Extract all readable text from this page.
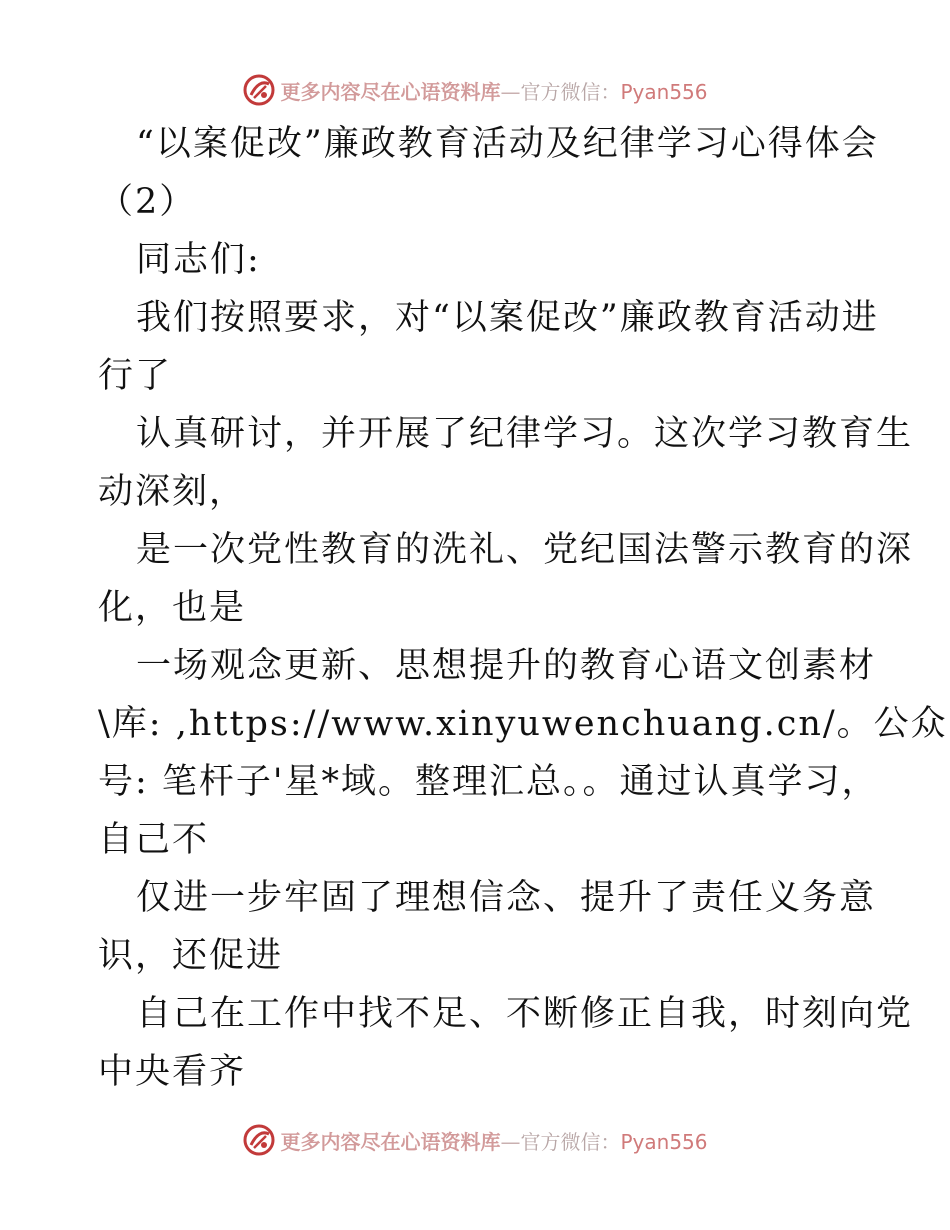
更多内容尽在心语资料库—官方微信：Pyan556
“以案促改”廉政教育活动及纪律学习心得体会
（2）
同志们:
我们按照要求，对“以案促改”廉政教育活动进
行了
认真研讨，并开展了纪律学习。这次学习教育生
动深刻，
是一次党性教育的洗礼、党纪国法警示教育的深
化，也是
一场观念更新、思想提升的教育心语文创素材
\库: ,https://www.xinyuwenchuang.cn/。公众
号: 笔杆子'星*域。整理汇总。。通过认真学习，
自己不
仅进一步牢固了理想信念、提升了责任义务意
识，还促进
自己在工作中找不足、不断修正自我，时刻向党
中央看齐
更多内容尽在心语资料库—官方微信：Pyan556
